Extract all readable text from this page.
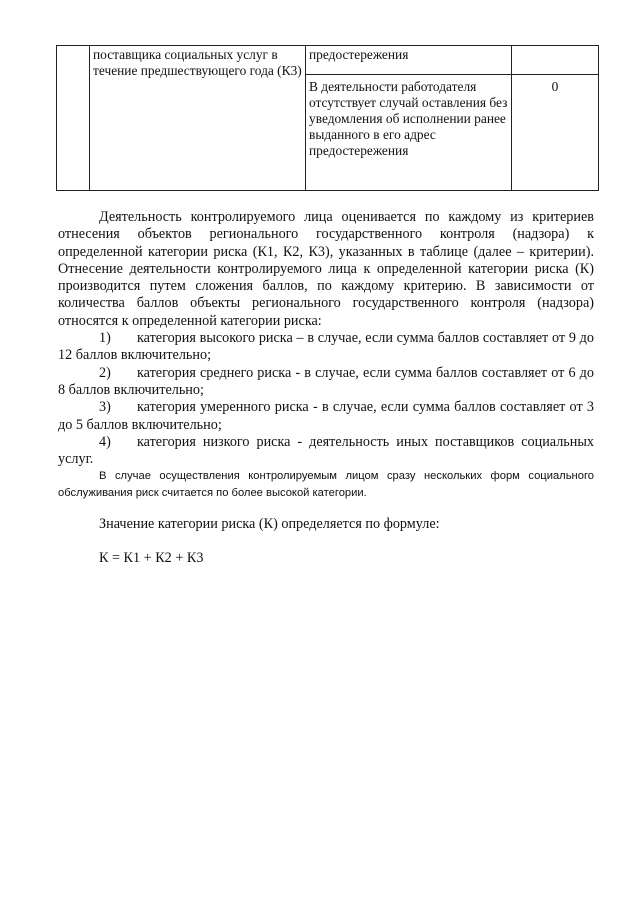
	поставщика социальных услуг в течение предшествующего года (К3)	предостережения	
		В деятельности работодателя отсутствует случай оставления без уведомления об исполнении ранее выданного в его адрес предостережения	0

Деятельность контролируемого лица оценивается по каждому из критериев отнесения объектов регионального государственного контроля (надзора) к определенной категории риска (К1, К2, К3), указанных в таблице (далее – критерии). Отнесение деятельности контролируемого лица к определенной категории риска (К) производится путем сложения баллов, по каждому критерию. В зависимости от количества баллов объекты регионального государственного контроля (надзора) относятся к определенной категории риска:

1) категория высокого риска – в случае, если сумма баллов составляет от 9 до 12 баллов включительно;

2) категория среднего риска - в случае, если сумма баллов составляет от 6 до 8 баллов включительно;

3) категория умеренного риска - в случае, если сумма баллов составляет от 3 до 5 баллов включительно;

4) категория низкого риска - деятельность иных поставщиков социальных услуг.

В случае осуществления контролируемым лицом сразу нескольких форм социального обслуживания риск считается по более высокой категории.

Значение категории риска (К) определяется по формуле:
К = К1 + К2 + К3
